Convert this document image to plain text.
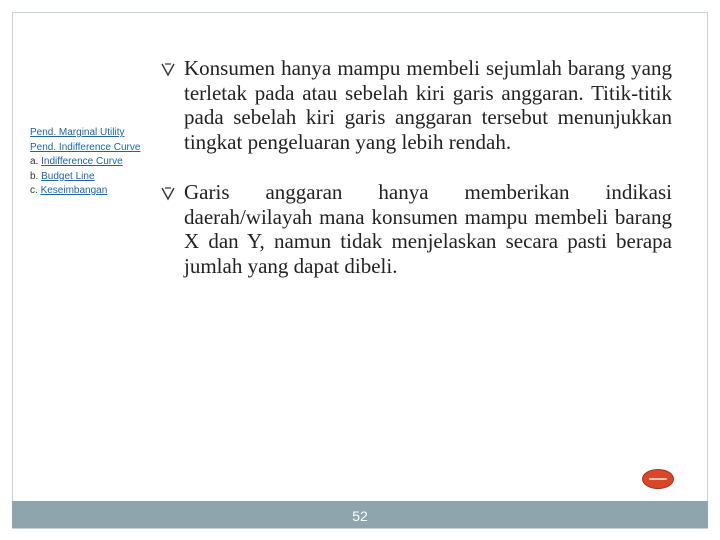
Pend. Marginal Utility
Pend. Indifference Curve
a. Indifference Curve
b. Budget Line
c. Keseimbangan
Konsumen hanya mampu membeli sejumlah barang yang terletak pada atau sebelah kiri garis anggaran. Titik-titik pada sebelah kiri garis anggaran tersebut menunjukkan tingkat pengeluaran yang lebih rendah.
Garis anggaran hanya memberikan indikasi daerah/wilayah mana konsumen mampu membeli barang X dan Y, namun tidak menjelaskan secara pasti berapa jumlah yang dapat dibeli.
52
